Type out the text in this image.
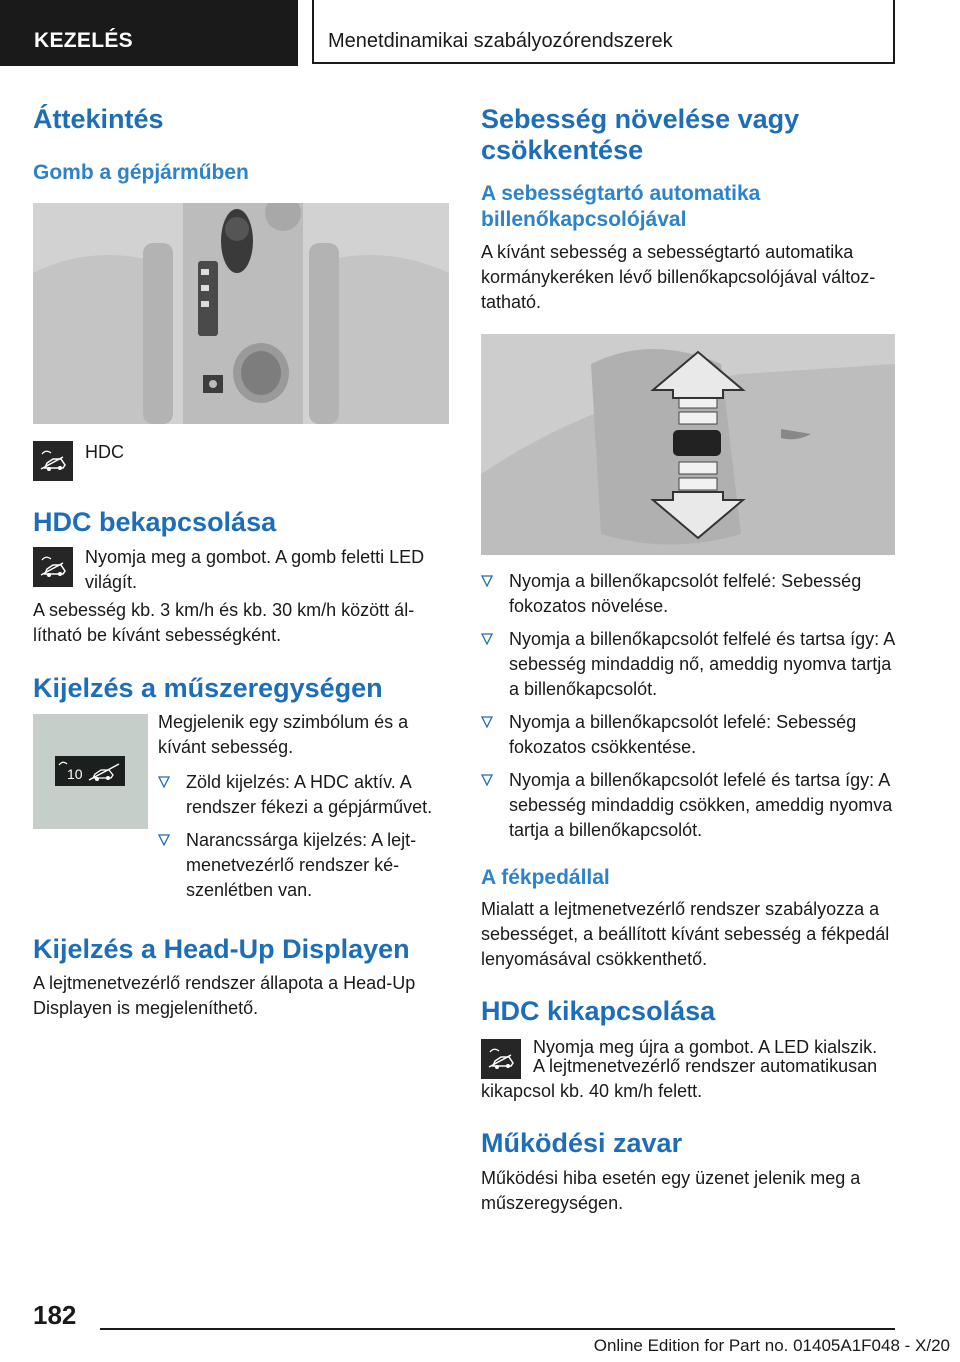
KEZELÉS	Menetdinamikai szabályozórendszerek
Áttekintés
Gomb a gépjárműben

HDC

HDC bekapcsolása

Nyomja meg a gombot. A gomb feletti LED világít.

A sebesség kb. 3 km/h és kb. 30 km/h között állítható be kívánt sebességként.

Kijelzés a műszeregységen
10

Megjelenik egy szimbólum és a kívánt sebesség.

Zöld kijelzés: A HDC aktív. A rendszer fékezi a gépjárművet.
Narancssárga kijelzés: A lejtmenetvezérlő rendszer készenlétben van.
Kijelzés a Head-Up Displayen

A lejtmenetvezérlő rendszer állapota a Head-Up Displayen is megjeleníthető.

Sebesség növelése vagy csökkentése
A sebességtartó automatika billenőkapcsolójával

A kívánt sebesség a sebességtartó automatika kormánykeréken lévő billenőkapcsolójával változtatható.

Nyomja a billenőkapcsolót felfelé: Sebesség fokozatos növelése.
Nyomja a billenőkapcsolót felfelé és tartsa így: A sebesség mindaddig nő, ameddig nyomva tartja a billenőkapcsolót.
Nyomja a billenőkapcsolót lefelé: Sebesség fokozatos csökkentése.
Nyomja a billenőkapcsolót lefelé és tartsa így: A sebesség mindaddig csökken, ameddig nyomva tartja a billenőkapcsolót.
A fékpedállal

Mialatt a lejtmenetvezérlő rendszer szabályozza a sebességet, a beállított kívánt sebesség a fékpedál lenyomásával csökkenthető.

HDC kikapcsolása

Nyomja meg újra a gombot. A LED kialszik.

A lejtmenetvezérlő rendszer automatikusan kikapcsol kb. 40 km/h felett.

Működési zavar

Működési hiba esetén egy üzenet jelenik meg a műszeregységen.

182
Online Edition for Part no. 01405A1F048 - X/20
